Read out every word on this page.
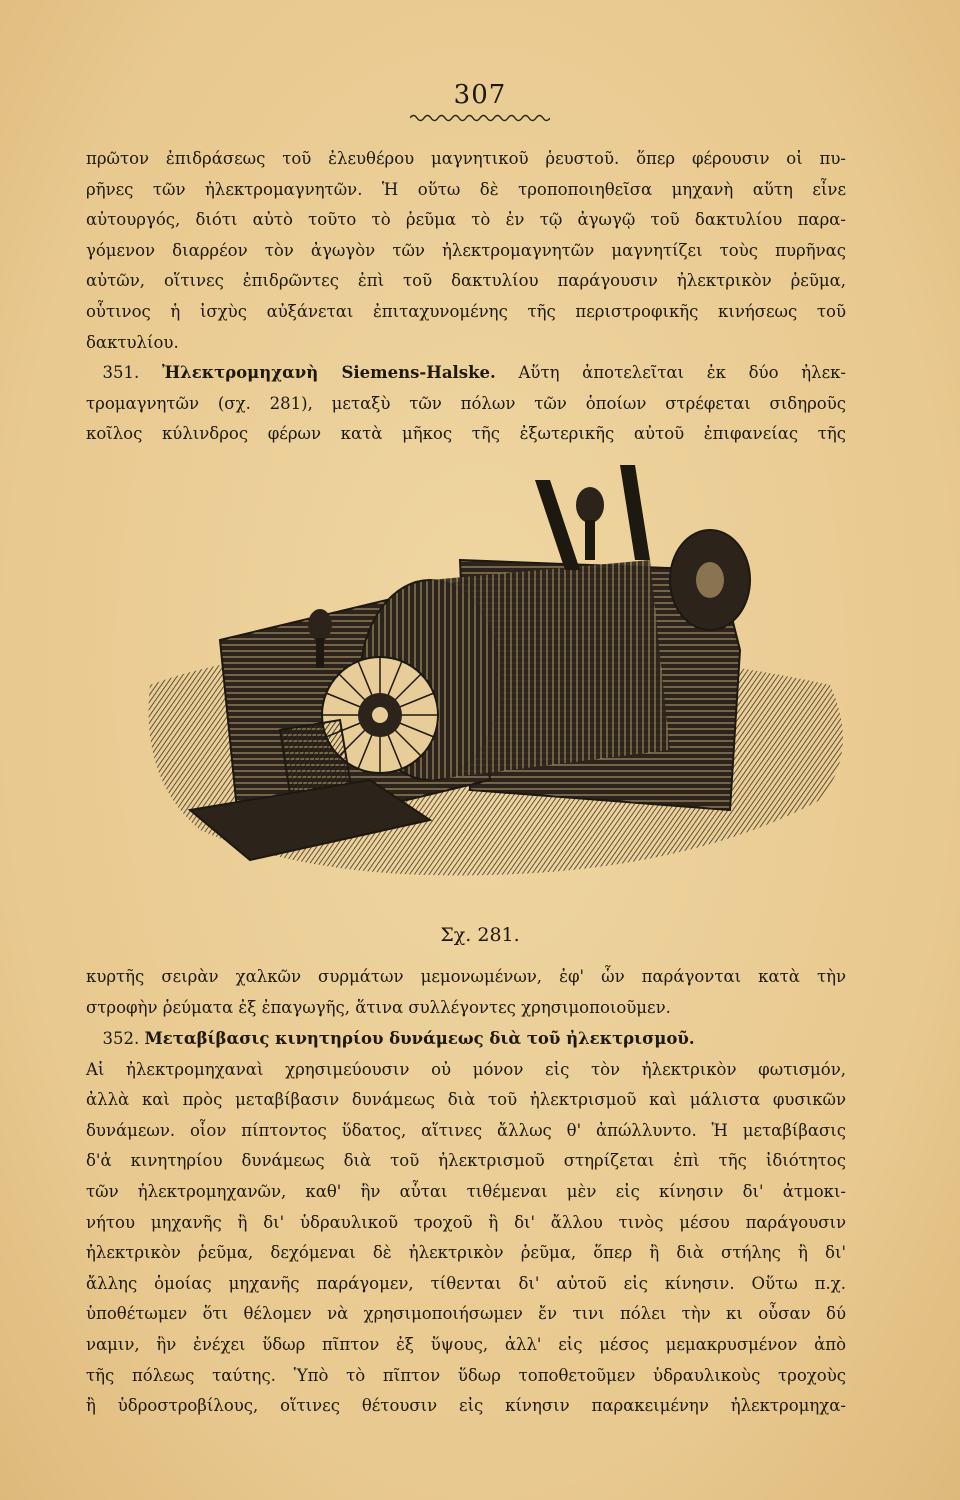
307
πρῶτον ἐπιδράσεως τοῦ ἐλευθέρου μαγνητικοῦ ῥευστοῦ. ὅπερ φέρουσιν οἱ πυ-
ρῆνες τῶν ἠλεκτρομαγνητῶν. Ἡ οὕτω δὲ τροποποιηθεῖσα μηχανὴ αὕτη εἶνε
αὐτουργός, διότι αὐτὸ τοῦτο τὸ ῥεῦμα τὸ ἐν τῷ ἀγωγῷ τοῦ δακτυλίου παρα-
γόμενον διαρρέον τὸν ἀγωγὸν τῶν ἠλεκτρομαγνητῶν μαγνητίζει τοὺς πυρῆνας
αὐτῶν, οἵτινες ἐπιδρῶντες ἐπὶ τοῦ δακτυλίου παράγουσιν ἠλεκτρικὸν ῥεῦμα,
οὗτινος ἡ ἰσχὺς αὐξάνεται ἐπιταχυνομένης τῆς περιστροφικῆς κινήσεως τοῦ
δακτυλίου.
 351. Ἠλεκτρομηχανὴ Siemens-Halske. Αὕτη ἀποτελεῖται ἐκ δύο ἠλεκ-
τρομαγνητῶν (σχ. 281), μεταξὺ τῶν πόλων τῶν ὁποίων στρέφεται σιδηροῦς
κοῖλος κύλινδρος φέρων κατὰ μῆκος τῆς ἐξωτερικῆς αὐτοῦ ἐπιφανείας τῆς
Σχ. 281.
κυρτῆς σειρὰν χαλκῶν συρμάτων μεμονωμένων, ἐφ' ὧν παράγονται κατὰ τὴν
στροφὴν ῥεύματα ἐξ ἐπαγωγῆς, ἅτινα συλλέγοντες χρησιμοποιοῦμεν.
 352. Μεταβίβασις κινητηρίου δυνάμεως διὰ τοῦ ἠλεκτρισμοῦ.
Αἱ ἠλεκτρομηχαναὶ χρησιμεύουσιν οὐ μόνον εἰς τὸν ἠλεκτρικὸν φωτισμόν,
ἀλλὰ καὶ πρὸς μεταβίβασιν δυνάμεως διὰ τοῦ ἠλεκτρισμοῦ καὶ μάλιστα φυσικῶν
δυνάμεων. οἷον πίπτοντος ὕδατος, αἵτινες ἄλλως θ' ἀπώλλυντο. Ἡ μεταβίβασις
δ'ἀ κινητηρίου δυνάμεως διὰ τοῦ ἠλεκτρισμοῦ στηρίζεται ἐπὶ τῆς ἰδιότητος
τῶν ἠλεκτρομηχανῶν, καθ' ἣν αὗται τιθέμεναι μὲν εἰς κίνησιν δι' ἀτμοκι-
νήτου μηχανῆς ἢ δι' ὑδραυλικοῦ τροχοῦ ἢ δι' ἄλλου τινὸς μέσου παράγουσιν
ἠλεκτρικὸν ῥεῦμα, δεχόμεναι δὲ ἠλεκτρικὸν ῥεῦμα, ὅπερ ἢ διὰ στήλης ἢ δι'
ἄλλης ὁμοίας μηχανῆς παράγομεν, τίθενται δι' αὐτοῦ εἰς κίνησιν. Οὕτω π.χ.
ὑποθέτωμεν ὅτι θέλομεν νὰ χρησιμοποιήσωμεν ἔν τινι πόλει τὴν κι οὖσαν δύ
ναμιν, ἣν ἐνέχει ὕδωρ πῖπτον ἐξ ὕψους, ἀλλ' εἰς μέσος μεμακρυσμένον ἀπὸ
τῆς πόλεως ταύτης. Ὑπὸ τὸ πῖπτον ὕδωρ τοποθετοῦμεν ὑδραυλικοὺς τροχοὺς
ἢ ὑδροστροβίλους, οἵτινες θέτουσιν εἰς κίνησιν παρακειμένην ἠλεκτρομηχα-
